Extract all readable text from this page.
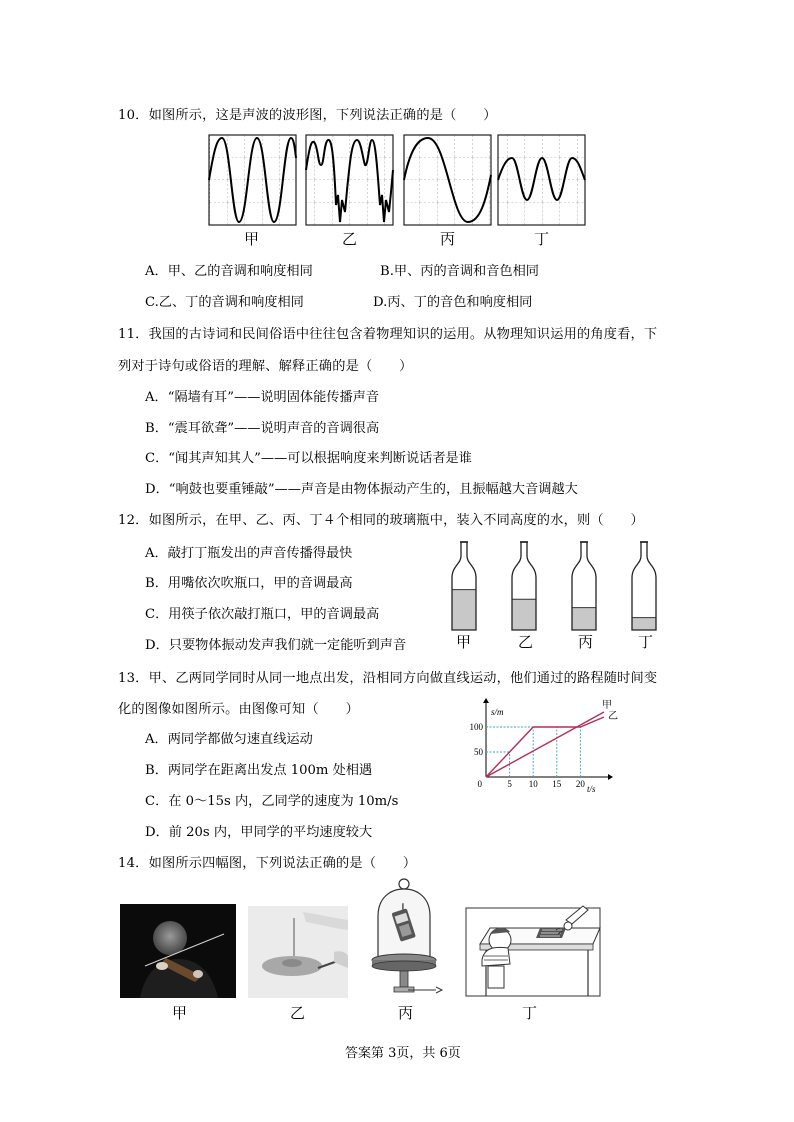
10．如图所示，这是声波的波形图，下列说法正确的是（　　）
甲	乙	丙	丁
A．甲、乙的音调和响度相同	B.甲、丙的音调和音色相同
C.乙、丁的音调和响度相同	D.丙、丁的音色和响度相同
11．我国的古诗词和民间俗语中往往包含着物理知识的运用。从物理知识运用的角度看，下
列对于诗句或俗语的理解、解释正确的是（　　）
A．“隔墙有耳”——说明固体能传播声音
B．“震耳欲聋”——说明声音的音调很高
C．“闻其声知其人”——可以根据响度来判断说话者是谁
D．“响鼓也要重锤敲”——声音是由物体振动产生的，且振幅越大音调越大
12．如图所示，在甲、乙、丙、丁４个相同的玻璃瓶中，装入不同高度的水，则（　　）
A．敲打丁瓶发出的声音传播得最快
B．用嘴依次吹瓶口，甲的音调最高
C．用筷子依次敲打瓶口，甲的音调最高
D．只要物体振动发声我们就一定能听到声音	甲	乙	丙	丁
13．甲、乙两同学同时从同一地点出发，沿相同方向做直线运动，他们通过的路程随时间变
化的图像如图所示。由图像可知（　　）
A．两同学都做匀速直线运动
B．两同学在距离出发点 100m 处相遇
C．在 0～15s 内，乙同学的速度为 10m/s
D．前 20s 内，甲同学的平均速度较大
s/m
t/s
0	5 10 15 20
50
100
甲
乙
14．如图所示四幅图，下列说法正确的是（　　）
甲	乙	丙	丁
答案第 3页，共 6页
